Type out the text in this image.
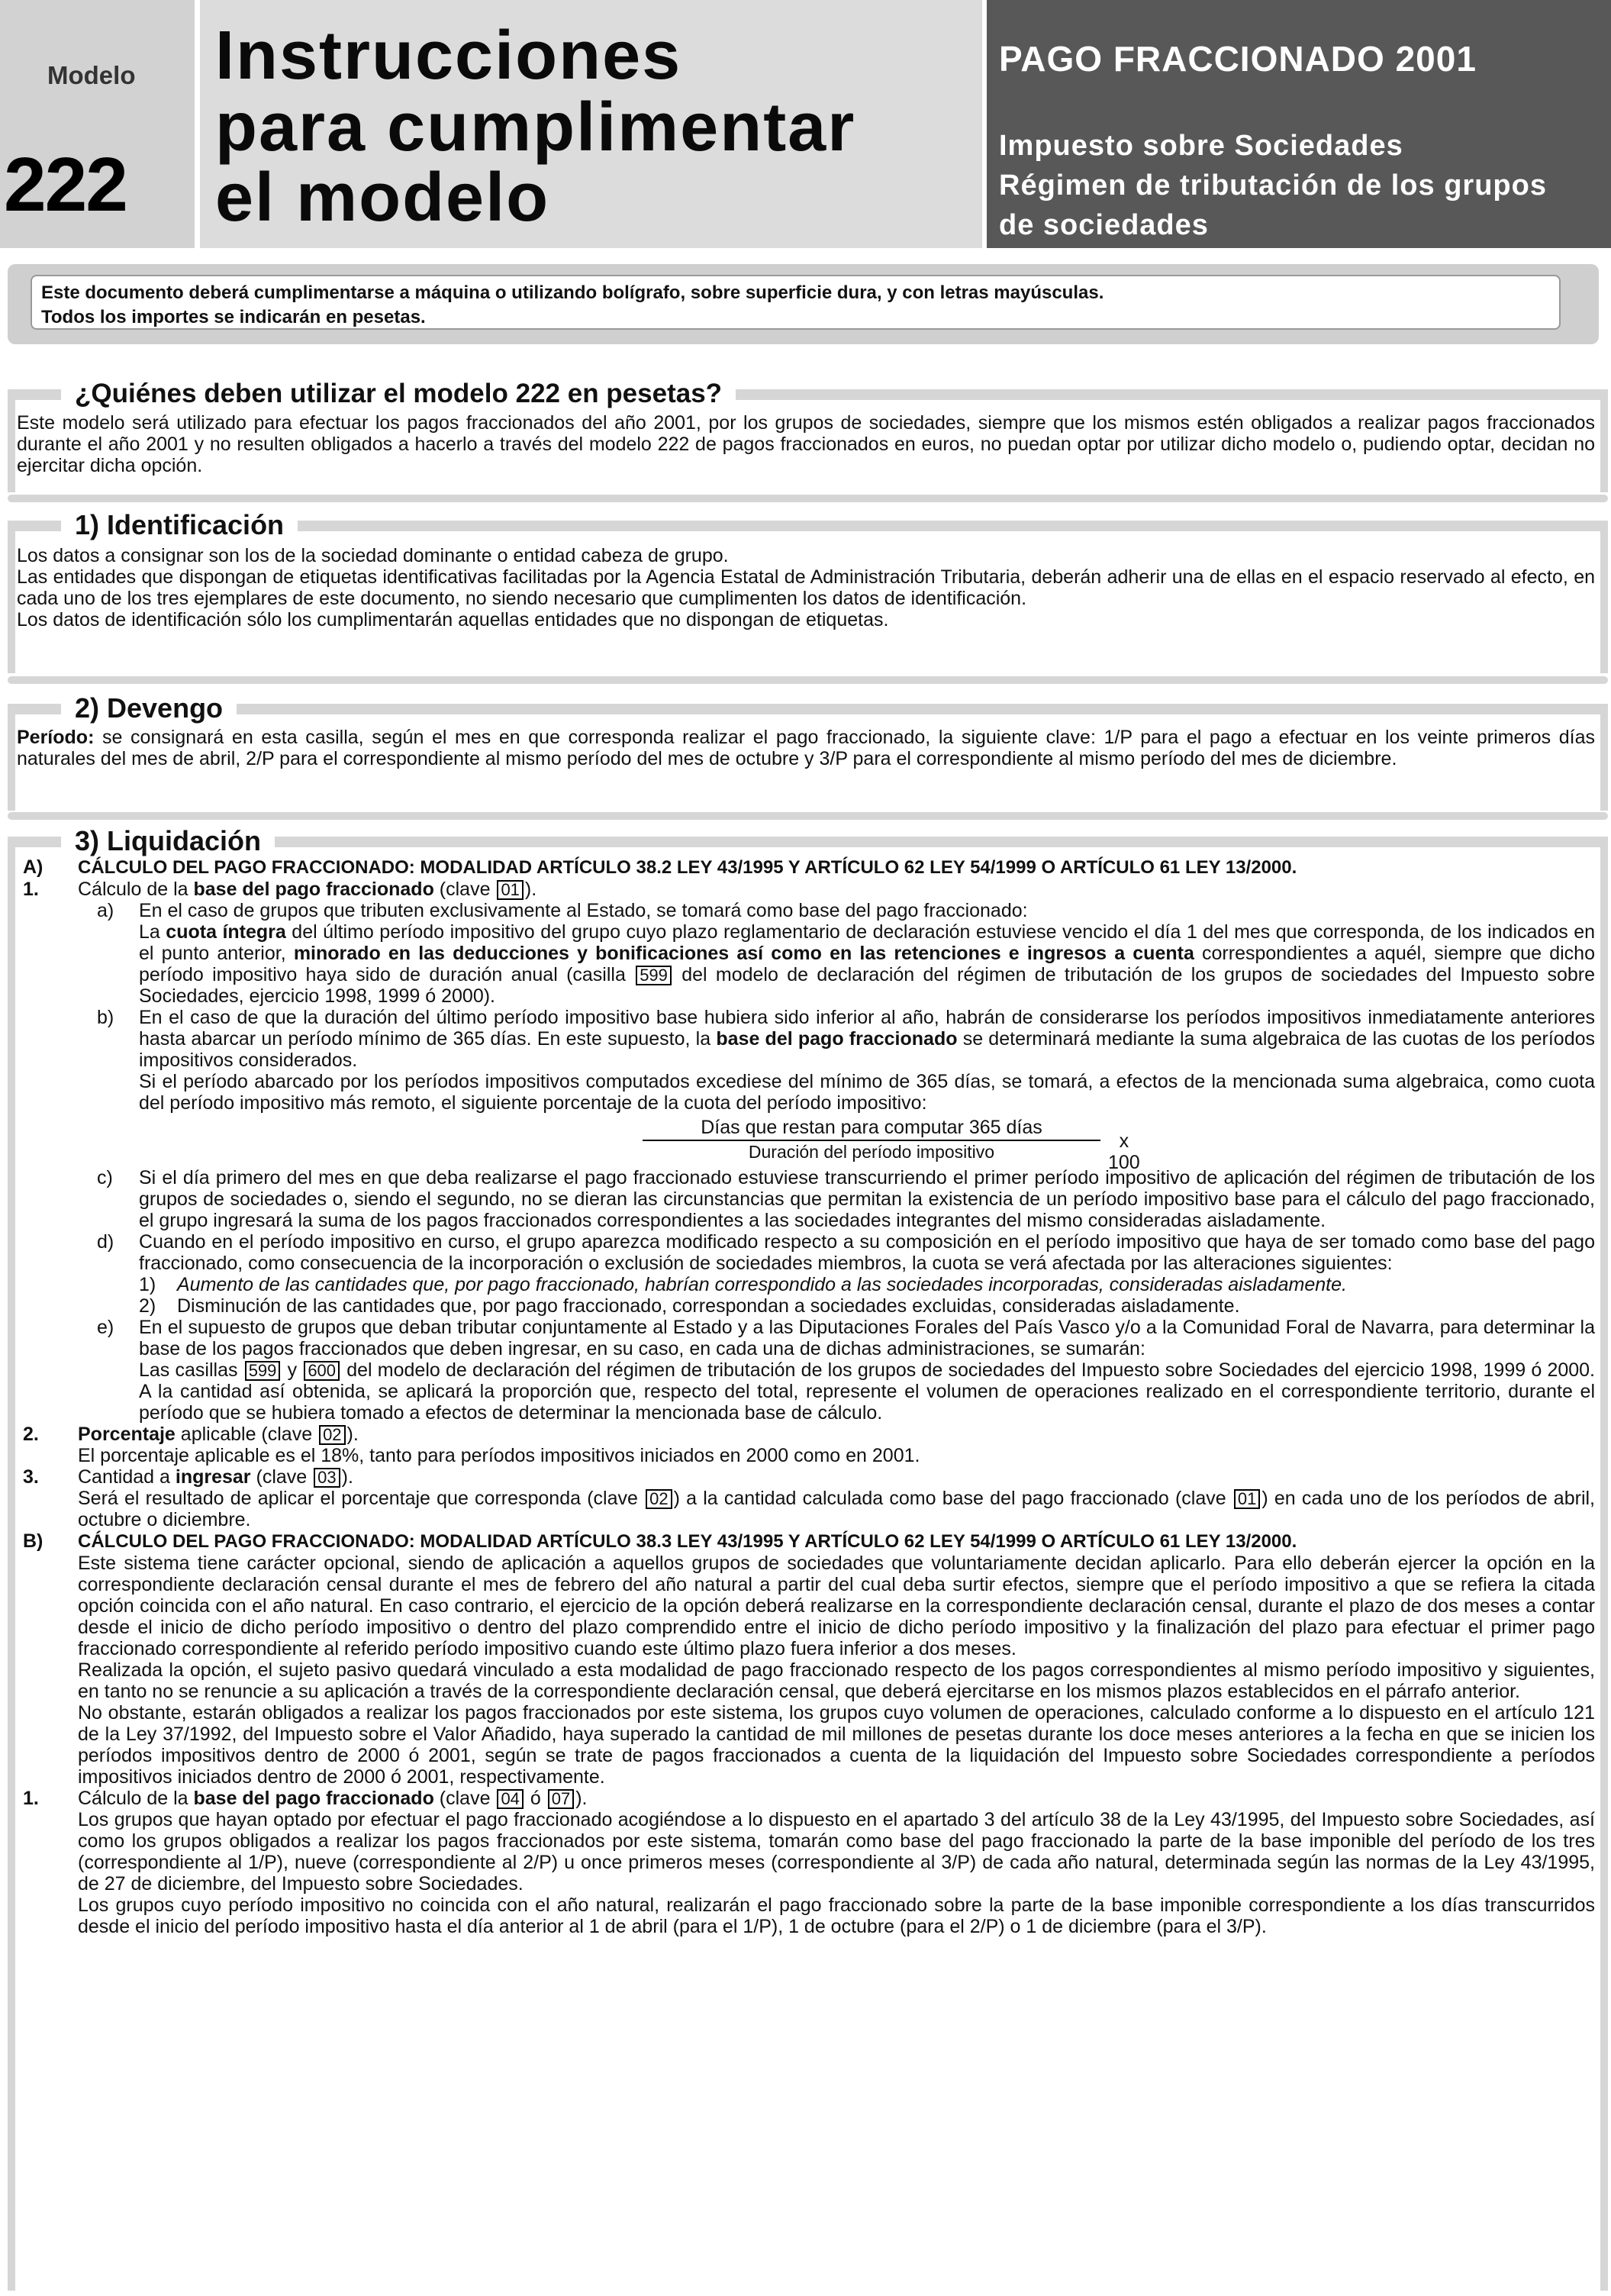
Modelo
222
Instrucciones
para cumplimentar
el modelo
PAGO FRACCIONADO 2001
Impuesto sobre Sociedades
Régimen de tributación de los grupos
de sociedades

Este documento deberá cumplimentarse a máquina o utilizando bolígrafo, sobre superficie dura, y con letras mayúsculas.

Todos los importes se indicarán en pesetas.

¿Quiénes deben utilizar el modelo 222 en pesetas?

Este modelo será utilizado para efectuar los pagos fraccionados del año 2001, por los grupos de sociedades, siempre que los mismos estén obligados a realizar pagos fraccionados durante el año 2001 y no resulten obligados a hacerlo a través del modelo 222 de pagos fraccionados en euros, no puedan optar por utilizar dicho modelo o, pudiendo optar, decidan no ejercitar dicha opción.

1) Identificación

Los datos a consignar son los de la sociedad dominante o entidad cabeza de grupo.

Las entidades que dispongan de etiquetas identificativas facilitadas por la Agencia Estatal de Administración Tributaria, deberán adherir una de ellas en el espacio reservado al efecto, en cada uno de los tres ejemplares de este documento, no siendo necesario que cumplimenten los datos de identificación.

Los datos de identificación sólo los cumplimentarán aquellas entidades que no dispongan de etiquetas.

2) Devengo

Período: se consignará en esta casilla, según el mes en que corresponda realizar el pago fraccionado, la siguiente clave: 1/P para el pago a efectuar en los veinte primeros días naturales del mes de abril, 2/P para el correspondiente al mismo período del mes de octubre y 3/P para el correspondiente al mismo período del mes de diciembre.

3) Liquidación
A) CÁLCULO DEL PAGO FRACCIONADO: MODALIDAD ARTÍCULO 38.2 LEY 43/1995 Y ARTÍCULO 62 LEY 54/1999 O ARTÍCULO 61 LEY 13/2000.
1. Cálculo de la base del pago fraccionado (clave 01 ).
a) En el caso de grupos que tributen exclusivamente al Estado, se tomará como base del pago fraccionado:

La cuota íntegra del último período impositivo del grupo cuyo plazo reglamentario de declaración estuviese vencido el día 1 del mes que corresponda, de los indicados en el punto anterior, minorado en las deducciones y bonificaciones así como en las retenciones e ingresos a cuenta correspondientes a aquél, siempre que dicho período impositivo haya sido de duración anual (casilla 599 del modelo de declaración del régimen de tributación de los grupos de sociedades del Impuesto sobre Sociedades, ejercicio 1998, 1999 ó 2000).

b) En el caso de que la duración del último período impositivo base hubiera sido inferior al año, habrán de considerarse los períodos impositivos inmediatamente anteriores hasta abarcar un período mínimo de 365 días. En este supuesto, la base del pago fraccionado se determinará mediante la suma algebraica de las cuotas de los períodos impositivos considerados.

Si el período abarcado por los períodos impositivos computados excediese del mínimo de 365 días, se tomará, a efectos de la mencionada suma algebraica, como cuota del período impositivo más remoto, el siguiente porcentaje de la cuota del período impositivo:

Días que restan para computar 365 días
Duración del período impositivo	x 100
c) Si el día primero del mes en que deba realizarse el pago fraccionado estuviese transcurriendo el primer período impositivo de aplicación del régimen de tributación de los grupos de sociedades o, siendo el segundo, no se dieran las circunstancias que permitan la existencia de un período impositivo base para el cálculo del pago fraccionado, el grupo ingresará la suma de los pagos fraccionados correspondientes a las sociedades integrantes del mismo consideradas aisladamente.

d) Cuando en el período impositivo en curso, el grupo aparezca modificado respecto a su composición en el período impositivo que haya de ser tomado como base del pago fraccionado, como consecuencia de la incorporación o exclusión de sociedades miembros, la cuota se verá afectada por las alteraciones siguientes:

1) Aumento de las cantidades que, por pago fraccionado, habrían correspondido a las sociedades incorporadas, consideradas aisladamente.

2) Disminución de las cantidades que, por pago fraccionado, correspondan a sociedades excluidas, consideradas aisladamente.

e) En el supuesto de grupos que deban tributar conjuntamente al Estado y a las Diputaciones Forales del País Vasco y/o a la Comunidad Foral de Navarra, para determinar la base de los pagos fraccionados que deben ingresar, en su caso, en cada una de dichas administraciones, se sumarán:

Las casillas 599 y 600 del modelo de declaración del régimen de tributación de los grupos de sociedades del Impuesto sobre Sociedades del ejercicio 1998, 1999 ó 2000. A la cantidad así obtenida, se aplicará la proporción que, respecto del total, represente el volumen de operaciones realizado en el correspondiente territorio, durante el período que se hubiera tomado a efectos de determinar la mencionada base de cálculo.

2. Porcentaje aplicable (clave 02 ).

El porcentaje aplicable es el 18%, tanto para períodos impositivos iniciados en 2000 como en 2001.

3. Cantidad a ingresar (clave 03 ).

Será el resultado de aplicar el porcentaje que corresponda (clave 02 ) a la cantidad calculada como base del pago fraccionado (clave 01 ) en cada uno de los períodos de abril, octubre o diciembre.

B) CÁLCULO DEL PAGO FRACCIONADO: MODALIDAD ARTÍCULO 38.3 LEY 43/1995 Y ARTÍCULO 62 LEY 54/1999 O ARTÍCULO 61 LEY 13/2000.

Este sistema tiene carácter opcional, siendo de aplicación a aquellos grupos de sociedades que voluntariamente decidan aplicarlo. Para ello deberán ejercer la opción en la correspondiente declaración censal durante el mes de febrero del año natural a partir del cual deba surtir efectos, siempre que el período impositivo a que se refiera la citada opción coincida con el año natural. En caso contrario, el ejercicio de la opción deberá realizarse en la correspondiente declaración censal, durante el plazo de dos meses a contar desde el inicio de dicho período impositivo o dentro del plazo comprendido entre el inicio de dicho período impositivo y la finalización del plazo para efectuar el primer pago fraccionado correspondiente al referido período impositivo cuando este último plazo fuera inferior a dos meses.

Realizada la opción, el sujeto pasivo quedará vinculado a esta modalidad de pago fraccionado respecto de los pagos correspondientes al mismo período impositivo y siguientes, en tanto no se renuncie a su aplicación a través de la correspondiente declaración censal, que deberá ejercitarse en los mismos plazos establecidos en el párrafo anterior.

No obstante, estarán obligados a realizar los pagos fraccionados por este sistema, los grupos cuyo volumen de operaciones, calculado conforme a lo dispuesto en el artículo 121 de la Ley 37/1992, del Impuesto sobre el Valor Añadido, haya superado la cantidad de mil millones de pesetas durante los doce meses anteriores a la fecha en que se inicien los períodos impositivos dentro de 2000 ó 2001, según se trate de pagos fraccionados a cuenta de la liquidación del Impuesto sobre Sociedades correspondiente a períodos impositivos iniciados dentro de 2000 ó 2001, respectivamente.

1. Cálculo de la base del pago fraccionado (clave 04 ó 07 ).

Los grupos que hayan optado por efectuar el pago fraccionado acogiéndose a lo dispuesto en el apartado 3 del artículo 38 de la Ley 43/1995, del Impuesto sobre Sociedades, así como los grupos obligados a realizar los pagos fraccionados por este sistema, tomarán como base del pago fraccionado la parte de la base imponible del período de los tres (correspondiente al 1/P), nueve (correspondiente al 2/P) u once primeros meses (correspondiente al 3/P) de cada año natural, determinada según las normas de la Ley 43/1995, de 27 de diciembre, del Impuesto sobre Sociedades.

Los grupos cuyo período impositivo no coincida con el año natural, realizarán el pago fraccionado sobre la parte de la base imponible correspondiente a los días transcurridos desde el inicio del período impositivo hasta el día anterior al 1 de abril (para el 1/P), 1 de octubre (para el 2/P) o 1 de diciembre (para el 3/P).
